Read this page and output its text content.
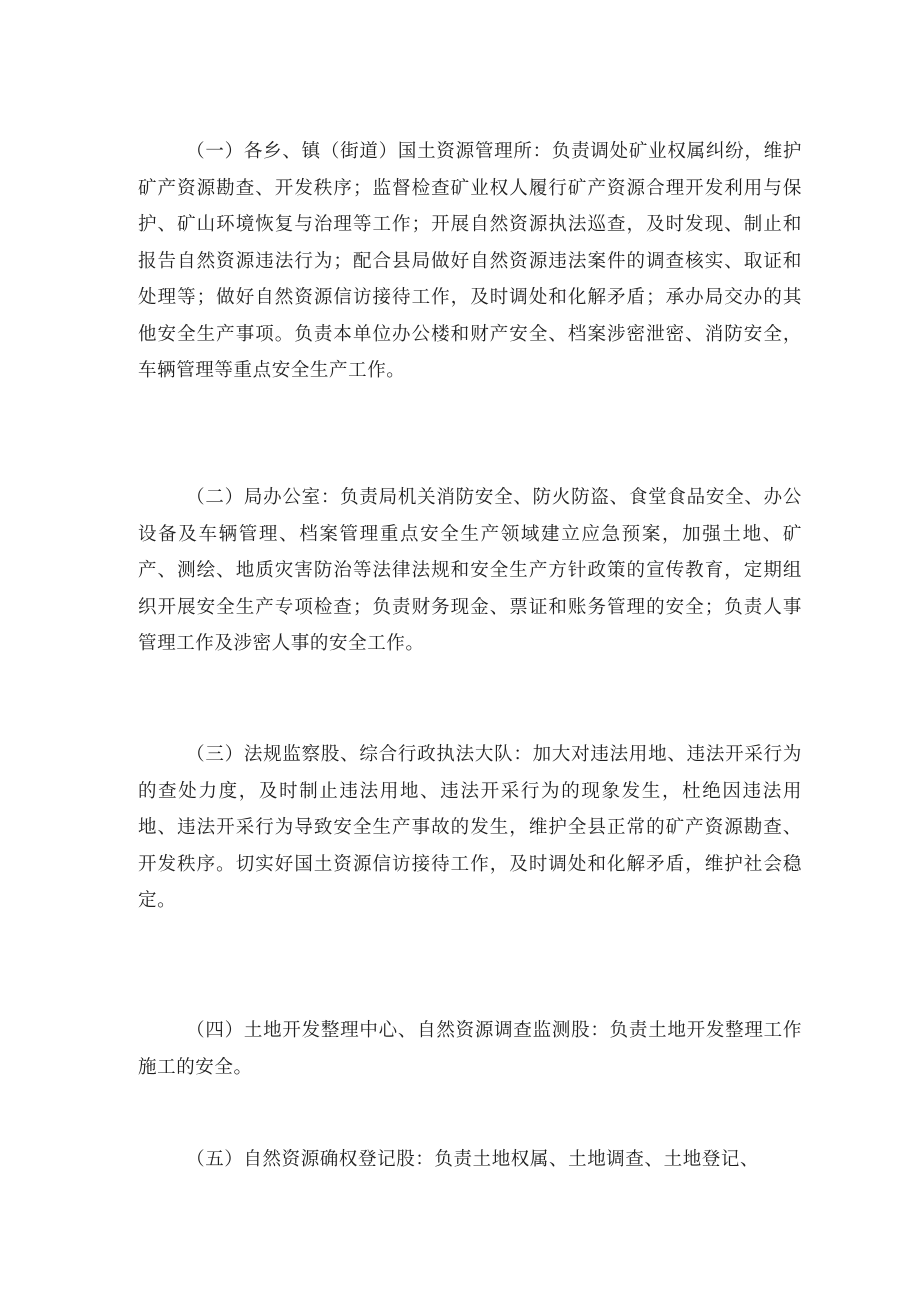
（一）各乡、镇（街道）国土资源管理所：负责调处矿业权属纠纷，维护矿产资源勘查、开发秩序；监督检查矿业权人履行矿产资源合理开发利用与保护、矿山环境恢复与治理等工作；开展自然资源执法巡查，及时发现、制止和报告自然资源违法行为；配合县局做好自然资源违法案件的调查核实、取证和处理等；做好自然资源信访接待工作，及时调处和化解矛盾；承办局交办的其他安全生产事项。负责本单位办公楼和财产安全、档案涉密泄密、消防安全，车辆管理等重点安全生产工作。

（二）局办公室：负责局机关消防安全、防火防盗、食堂食品安全、办公设备及车辆管理、档案管理重点安全生产领域建立应急预案，加强土地、矿产、测绘、地质灾害防治等法律法规和安全生产方针政策的宣传教育，定期组织开展安全生产专项检查；负责财务现金、票证和账务管理的安全；负责人事管理工作及涉密人事的安全工作。

（三）法规监察股、综合行政执法大队：加大对违法用地、违法开采行为的查处力度，及时制止违法用地、违法开采行为的现象发生，杜绝因违法用地、违法开采行为导致安全生产事故的发生，维护全县正常的矿产资源勘查、开发秩序。切实好国土资源信访接待工作，及时调处和化解矛盾，维护社会稳定。

（四）土地开发整理中心、自然资源调查监测股：负责土地开发整理工作施工的安全。

（五）自然资源确权登记股：负责土地权属、土地调查、土地登记、
